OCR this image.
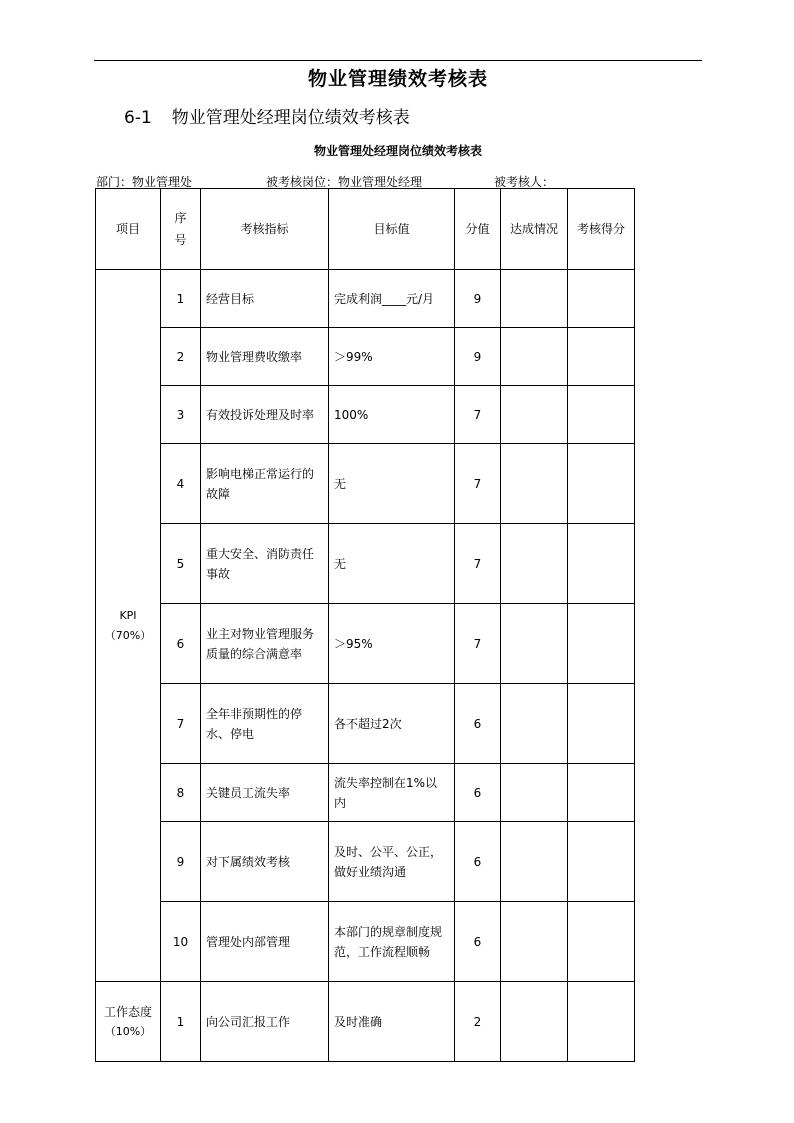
物业管理绩效考核表
6-1 物业管理处经理岗位绩效考核表
物业管理处经理岗位绩效考核表
部门：物业管理处	被考核岗位：物业管理处经理	被考核人：
项目	序号	考核指标	目标值	分值	达成情况	考核得分

KPI
（70%）	1	经营目标	完成利润____元/月	9		
	2	物业管理费收缴率	＞99%	9		
	3	有效投诉处理及时率	100%	7		
	4	影响电梯正常运行的故障	无	7		
	5	重大安全、消防责任事故	无	7		
	6	业主对物业管理服务质量的综合满意率	＞95%	7		
	7	全年非预期性的停水、停电	各不超过2次	6		
	8	关键员工流失率	流失率控制在1%以内	6		
	9	对下属绩效考核	及时、公平、公正，做好业绩沟通	6		
	10	管理处内部管理	本部门的规章制度规范，工作流程顺畅	6		

工作态度
（10%）	1	向公司汇报工作	及时准确	2		
